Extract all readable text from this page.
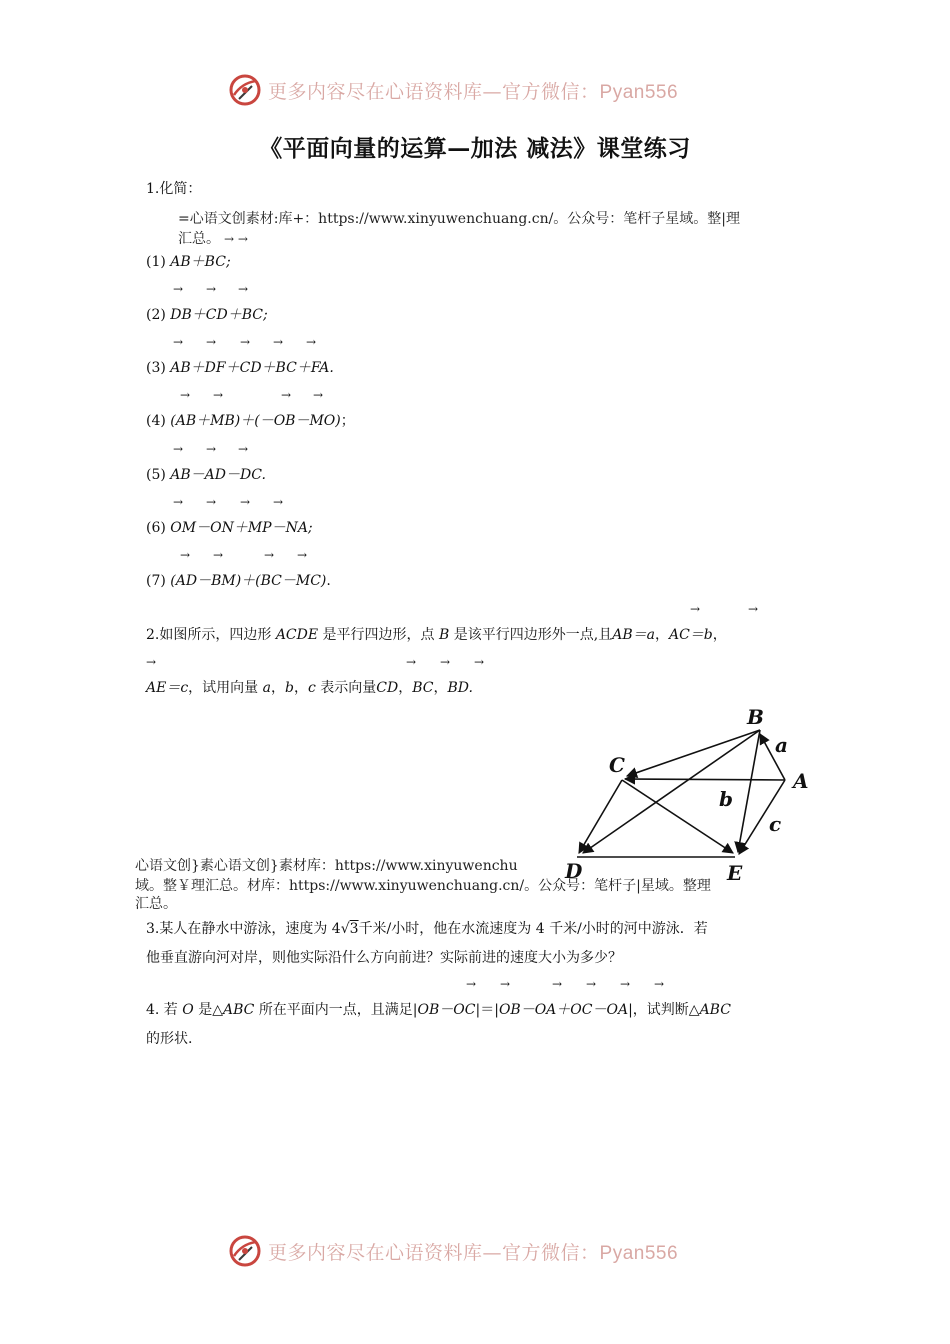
更多内容尽在心语资料库—官方微信：Pyan556
《平面向量的运算—加法 减法》课堂练习
1.化简：
=心语文创素材:库+：https://www.xinyuwenchuang.cn/。公众号：笔杆子星域。整|理
汇总。 → →
(1) AB＋BC;
→ → →
(2) DB＋CD＋BC;
→ → → → →
(3) AB＋DF＋CD＋BC＋FA.
→ →	→ →
(4) (AB＋MB)＋(－OB－MO)；
→ → →
(5) AB－AD－DC.
→ → → →
(6) OM－ON＋MP－NA;
→ →	→ →
(7) (AD－BM)＋(BC－MC).
→	→
2.如图所示，四边形 ACDE 是平行四边形，点 B 是该平行四边形外一点,且AB＝a，AC＝b，
→	→ → →
AE＝c，试用向量 a，b，c 表示向量CD，BC，BD.
B
a
C
A
b
c
D	E
心语文创}素心语文创}素材库：https://www.xinyuwenchu
域。整￥理汇总。材库：https://www.xinyuwenchuang.cn/。公众号：笔杆子|星域。整理
汇总。
3.某人在静水中游泳，速度为 4√3千米/小时，他在水流速度为 4 千米/小时的河中游泳．若
他垂直游向河对岸，则他实际沿什么方向前进？实际前进的速度大小为多少？
→ →	→ → → →
4. 若 O 是△ABC 所在平面内一点，且满足|OB－OC|＝|OB－OA＋OC－OA|，试判断△ABC
的形状.
更多内容尽在心语资料库—官方微信：Pyan556
